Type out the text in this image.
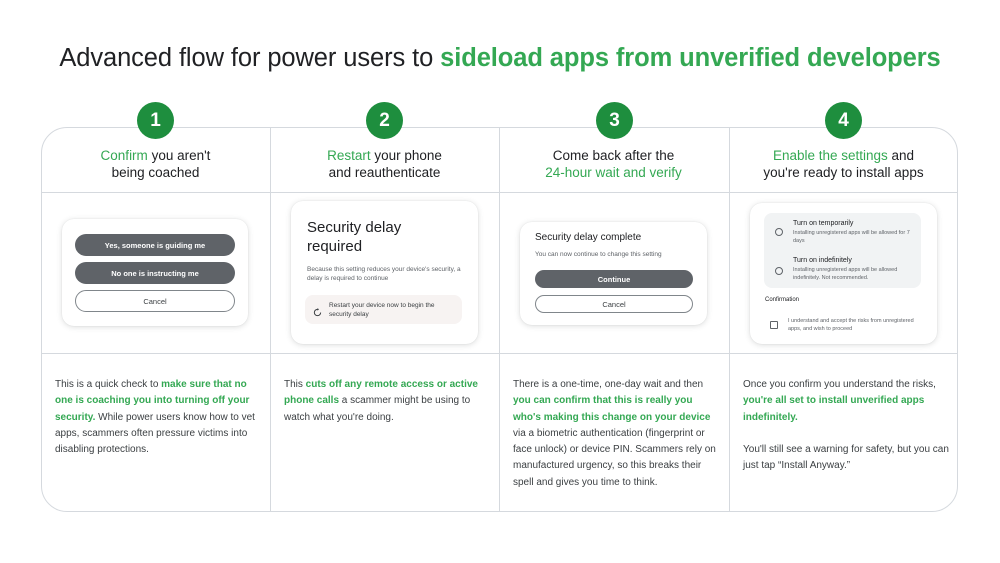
Advanced flow for power users to sideload apps from unverified developers
1	2	3	4
Confirm you aren't
being coached
Restart your phone
and reauthenticate
Come back after the
24-hour wait and verify
Enable the settings and
you're ready to install apps
Yes, someone is guiding me
No one is instructing me
Cancel
Security delay
required
Because this setting reduces your device's security, a delay is required to continue
Restart your device now to begin the security delay
Security delay complete
You can now continue to change this setting
Continue
Cancel
Turn on temporarily
Installing unregistered apps will be allowed for 7 days
Turn on indefinitely
Installing unregistered apps will be allowed indefinitely. Not recommended.
Confirmation
I understand and accept the risks from unregistered apps, and wish to proceed
This is a quick check to make sure that no one is coaching you into turning off your security. While power users know how to vet apps, scammers often pressure victims into disabling protections.
This cuts off any remote access or active phone calls a scammer might be using to watch what you're doing.
There is a one-time, one-day wait and then you can confirm that this is really you who's making this change on your device via a biometric authentication (fingerprint or face unlock) or device PIN. Scammers rely on manufactured urgency, so this breaks their spell and gives you time to think.
Once you confirm you understand the risks, you're all set to install unverified apps indefinitely.

You'll still see a warning for safety, but you can just tap “Install Anyway.”
